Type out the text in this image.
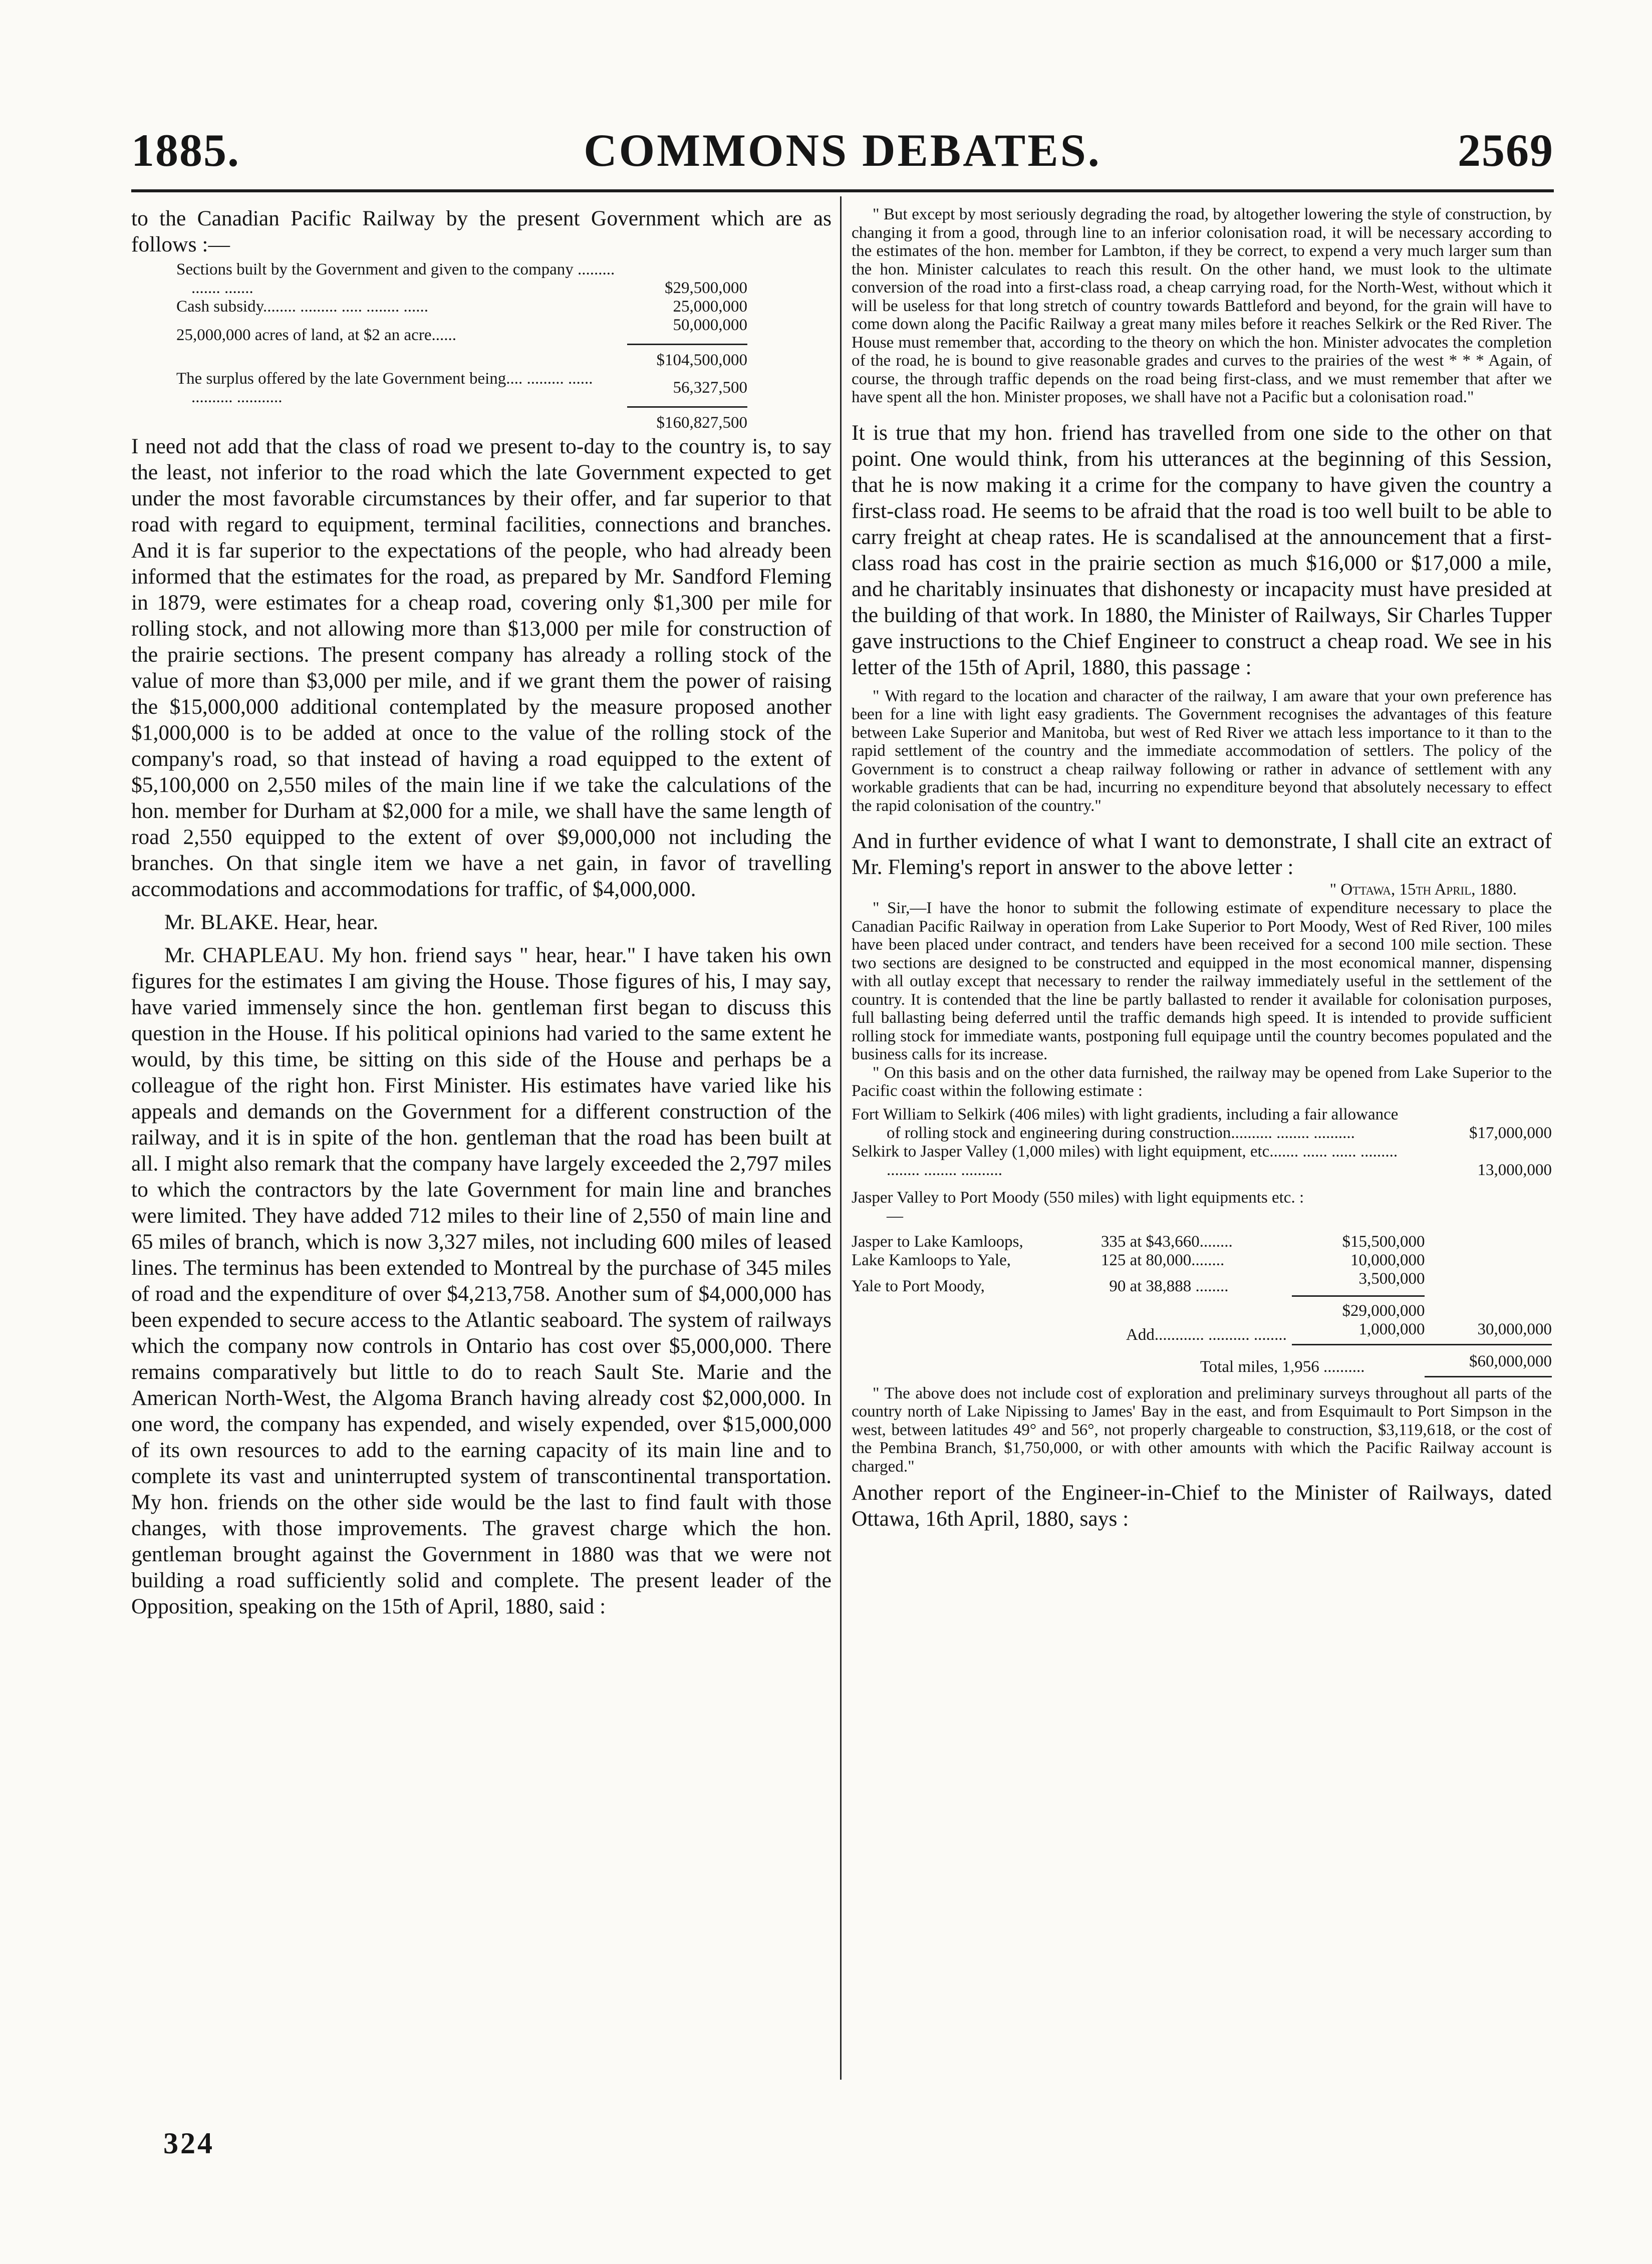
1885.	COMMONS DEBATES.	2569

to the Canadian Pacific Railway by the present Government which are as follows :—

Sections built by the Government and given to the company ......... ....... .......	$29,500,000
Cash subsidy........ ......... ..... ........ ......	25,000,000
25,000,000 acres of land, at $2 an acre......	50,000,000
	$104,500,000
The surplus offered by the late Government being.... ......... ...... .......... ...........	56,327,500
	$160,827,500

I need not add that the class of road we present to-day to the country is, to say the least, not inferior to the road which the late Government expected to get under the most favorable circumstances by their offer, and far superior to that road with regard to equipment, terminal facilities, connections and branches. And it is far superior to the expectations of the people, who had already been informed that the estimates for the road, as prepared by Mr. Sandford Fleming in 1879, were estimates for a cheap road, covering only $1,300 per mile for rolling stock, and not allowing more than $13,000 per mile for construction of the prairie sections. The present company has already a rolling stock of the value of more than $3,000 per mile, and if we grant them the power of raising the $15,000,000 additional contemplated by the measure proposed another $1,000,000 is to be added at once to the value of the rolling stock of the company's road, so that instead of having a road equipped to the extent of $5,100,000 on 2,550 miles of the main line if we take the calculations of the hon. member for Durham at $2,000 for a mile, we shall have the same length of road 2,550 equipped to the extent of over $9,000,000 not including the branches. On that single item we have a net gain, in favor of travelling accommodations and accommodations for traffic, of $4,000,000.

Mr. BLAKE. Hear, hear.

Mr. CHAPLEAU. My hon. friend says " hear, hear." I have taken his own figures for the estimates I am giving the House. Those figures of his, I may say, have varied immensely since the hon. gentleman first began to discuss this question in the House. If his political opinions had varied to the same extent he would, by this time, be sitting on this side of the House and perhaps be a colleague of the right hon. First Minister. His estimates have varied like his appeals and demands on the Government for a different construction of the railway, and it is in spite of the hon. gentleman that the road has been built at all. I might also remark that the company have largely exceeded the 2,797 miles to which the contractors by the late Government for main line and branches were limited. They have added 712 miles to their line of 2,550 of main line and 65 miles of branch, which is now 3,327 miles, not including 600 miles of leased lines. The terminus has been extended to Montreal by the purchase of 345 miles of road and the expenditure of over $4,213,758. Another sum of $4,000,000 has been expended to secure access to the Atlantic seaboard. The system of railways which the company now controls in Ontario has cost over $5,000,000. There remains comparatively but little to do to reach Sault Ste. Marie and the American North-West, the Algoma Branch having already cost $2,000,000. In one word, the company has expended, and wisely expended, over $15,000,000 of its own resources to add to the earning capacity of its main line and to complete its vast and uninterrupted system of transcontinental transportation. My hon. friends on the other side would be the last to find fault with those changes, with those improvements. The gravest charge which the hon. gentleman brought against the Government in 1880 was that we were not building a road sufficiently solid and complete. The present leader of the Opposition, speaking on the 15th of April, 1880, said :

324

" But except by most seriously degrading the road, by altogether lowering the style of construction, by changing it from a good, through line to an inferior colonisation road, it will be necessary according to the estimates of the hon. member for Lambton, if they be correct, to expend a very much larger sum than the hon. Minister calculates to reach this result. On the other hand, we must look to the ultimate conversion of the road into a first-class road, a cheap carrying road, for the North-West, without which it will be useless for that long stretch of country towards Battleford and beyond, for the grain will have to come down along the Pacific Railway a great many miles before it reaches Selkirk or the Red River. The House must remember that, according to the theory on which the hon. Minister advocates the completion of the road, he is bound to give reasonable grades and curves to the prairies of the west * * * Again, of course, the through traffic depends on the road being first-class, and we must remember that after we have spent all the hon. Minister proposes, we shall have not a Pacific but a colonisation road."

It is true that my hon. friend has travelled from one side to the other on that point. One would think, from his utterances at the beginning of this Session, that he is now making it a crime for the company to have given the country a first-class road. He seems to be afraid that the road is too well built to be able to carry freight at cheap rates. He is scandalised at the announcement that a first-class road has cost in the prairie section as much $16,000 or $17,000 a mile, and he charitably insinuates that dishonesty or incapacity must have presided at the building of that work. In 1880, the Minister of Railways, Sir Charles Tupper gave instructions to the Chief Engineer to construct a cheap road. We see in his letter of the 15th of April, 1880, this passage :

" With regard to the location and character of the railway, I am aware that your own preference has been for a line with light easy gradients. The Government recognises the advantages of this feature between Lake Superior and Manitoba, but west of Red River we attach less importance to it than to the rapid settlement of the country and the immediate accommodation of settlers. The policy of the Government is to construct a cheap railway following or rather in advance of settlement with any workable gradients that can be had, incurring no expenditure beyond that absolutely necessary to effect the rapid colonisation of the country."

And in further evidence of what I want to demonstrate, I shall cite an extract of Mr. Fleming's report in answer to the above letter :

" Ottawa, 15th April, 1880.

" Sir,—I have the honor to submit the following estimate of expenditure necessary to place the Canadian Pacific Railway in operation from Lake Superior to Port Moody, West of Red River, 100 miles have been placed under contract, and tenders have been received for a second 100 mile section. These two sections are designed to be constructed and equipped in the most economical manner, dispensing with all outlay except that necessary to render the railway immediately useful in the settlement of the country. It is contended that the line be partly ballasted to render it available for colonisation purposes, full ballasting being deferred until the traffic demands high speed. It is intended to provide sufficient rolling stock for immediate wants, postponing full equipage until the country becomes populated and the business calls for its increase.

" On this basis and on the other data furnished, the railway may be opened from Lake Superior to the Pacific coast within the following estimate :

Fort William to Selkirk (406 miles) with light gradients, including a fair allowance of rolling stock and engineering during construction.......... ........ ..........				$17,000,000
Selkirk to Jasper Valley (1,000 miles) with light equipment, etc....... ...... ...... ......... ........ ........ ..........				13,000,000
Jasper Valley to Port Moody (550 miles) with light equipments etc. :—				
Jasper to Lake Kamloops,	335 at	$43,660........	$15,500,000	
Lake Kamloops to Yale,	125 at	80,000........	10,000,000	
Yale to Port Moody,	90 at	38,888 ........	3,500,000	
			$29,000,000	
Add............ .......... ........			1,000,000	30,000,000
Total miles, 1,956 ..........				$60,000,000

" The above does not include cost of exploration and preliminary surveys throughout all parts of the country north of Lake Nipissing to James' Bay in the east, and from Esquimault to Port Simpson in the west, between latitudes 49° and 56°, not properly chargeable to construction, $3,119,618, or the cost of the Pembina Branch, $1,750,000, or with other amounts with which the Pacific Railway account is charged."

Another report of the Engineer-in-Chief to the Minister of Railways, dated Ottawa, 16th April, 1880, says :
